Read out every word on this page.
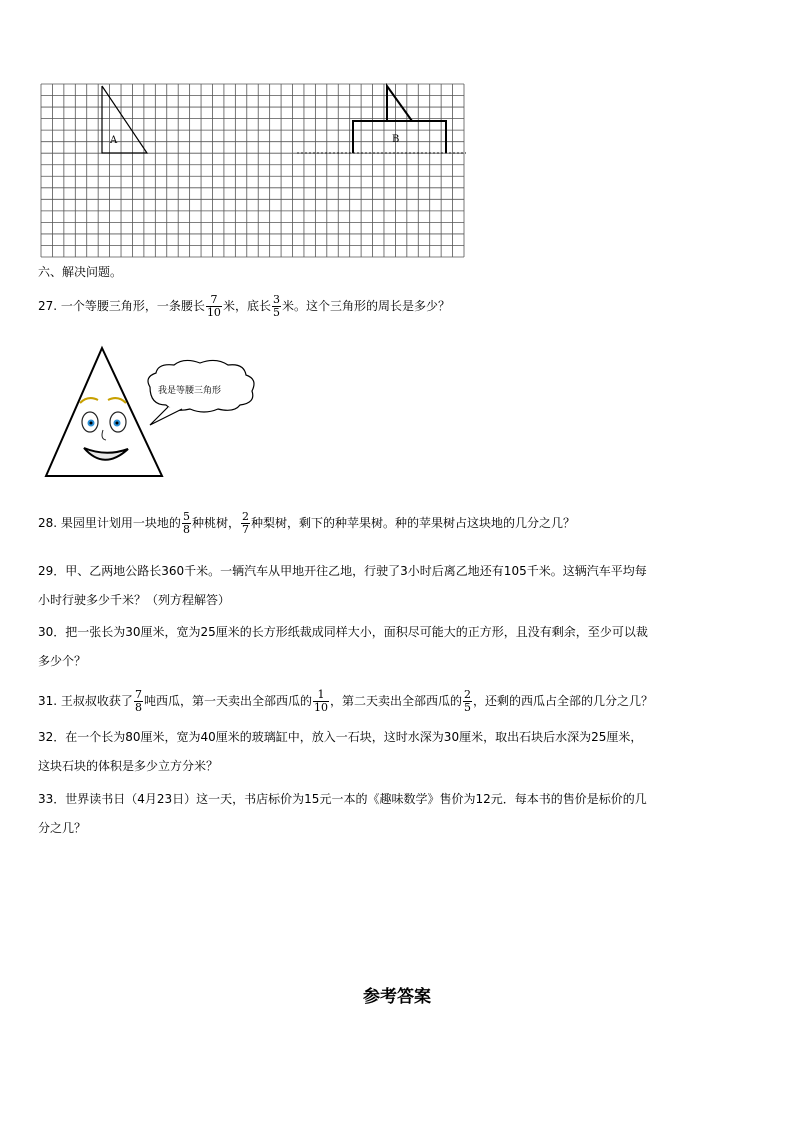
A	B
六、解决问题。
27. 一个等腰三角形，一条腰长 $\frac{7}{10}$ 米，底长 $\frac{3}{5}$ 米。这个三角形的周长是多少？
我是等腰三角形
28. 果园里计划用一块地的 $\frac{5}{8}$ 种桃树， $\frac{2}{7}$ 种梨树，剩下的种苹果树。种的苹果树占这块地的几分之几？
29．甲、乙两地公路长360千米。一辆汽车从甲地开往乙地，行驶了3小时后离乙地还有105千米。这辆汽车平均每
小时行驶多少千米？（列方程解答）
30．把一张长为30厘米，宽为25厘米的长方形纸裁成同样大小，面积尽可能大的正方形，且没有剩余，至少可以裁
多少个？
31. 王叔叔收获了 $\frac{7}{8}$ 吨西瓜，第一天卖出全部西瓜的 $\frac{1}{10}$ ，第二天卖出全部西瓜的 $\frac{2}{5}$ ，还剩的西瓜占全部的几分之几？
32．在一个长为80厘米，宽为40厘米的玻璃缸中，放入一石块，这时水深为30厘米，取出石块后水深为25厘米，
这块石块的体积是多少立方分米？
33．世界读书日（4月23日）这一天，书店标价为15元一本的《趣味数学》售价为12元．每本书的售价是标价的几
分之几？
参考答案
